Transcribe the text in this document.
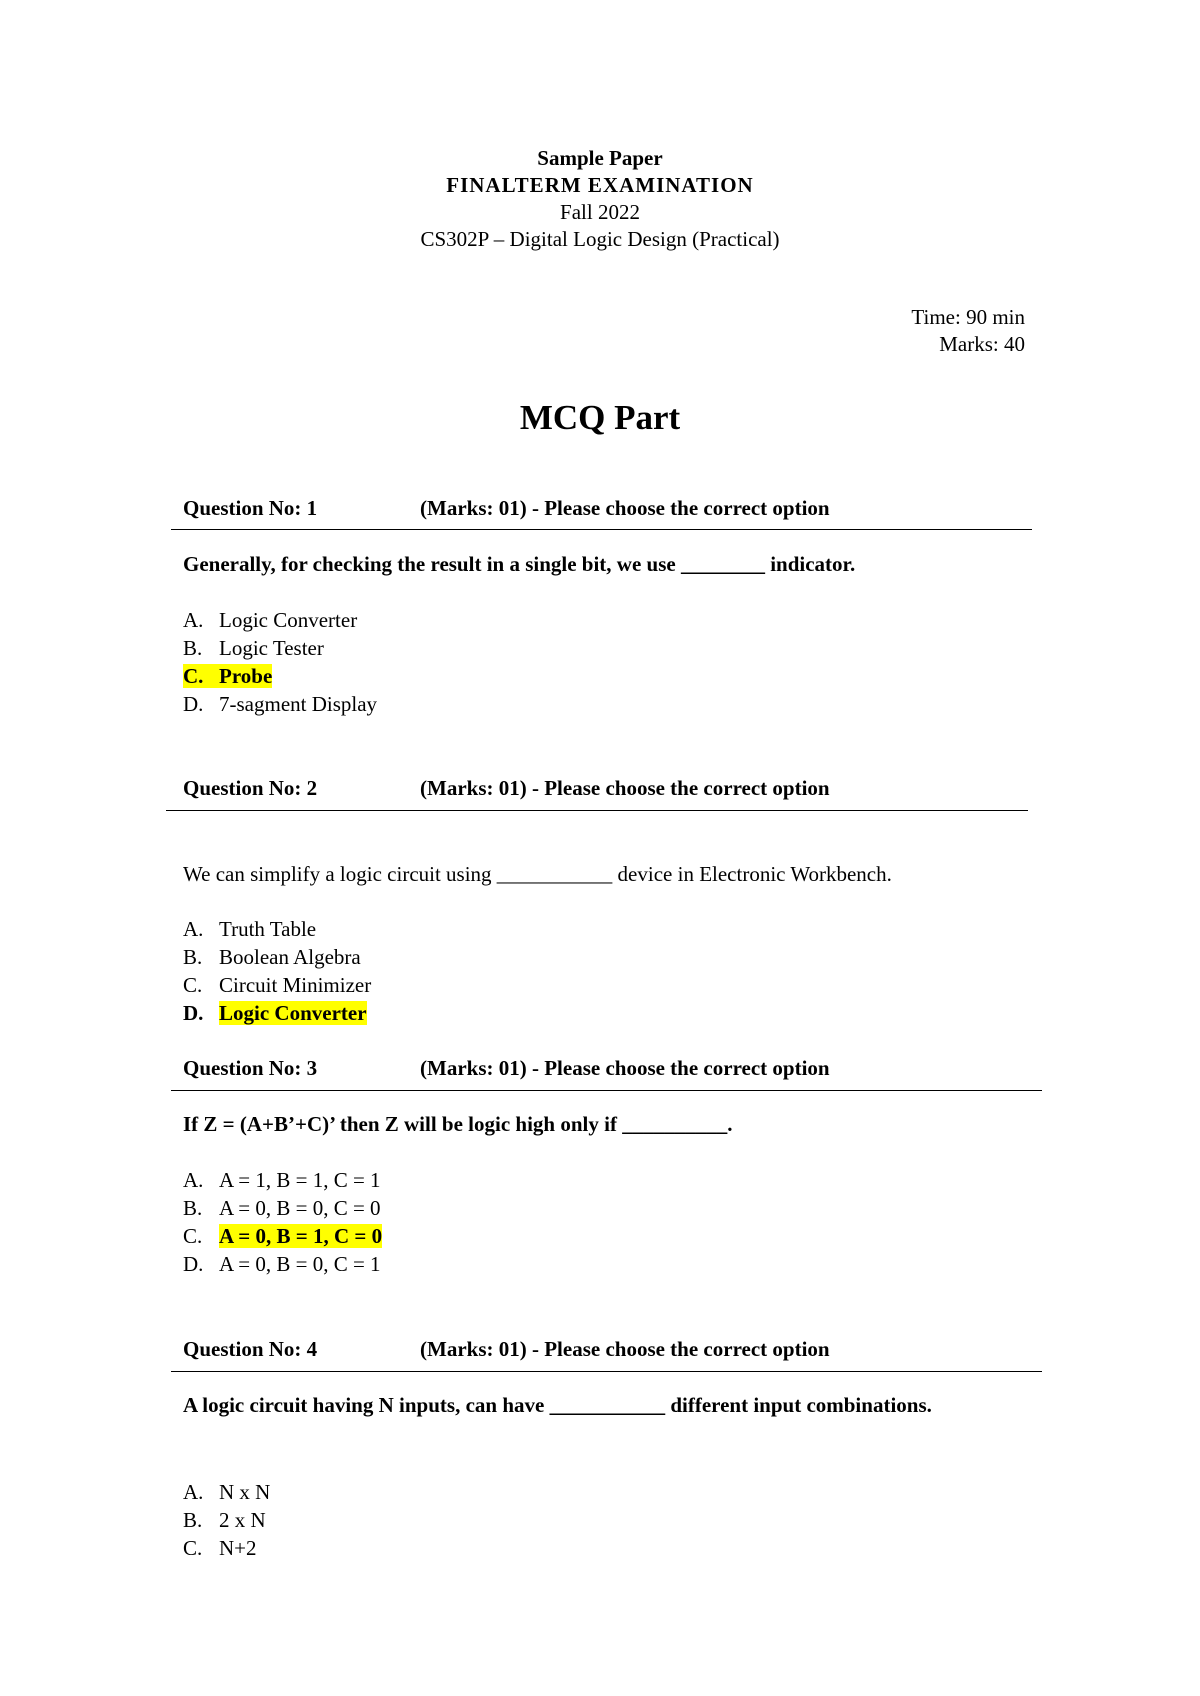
Sample Paper
FINALTERM EXAMINATION
Fall 2022
CS302P – Digital Logic Design (Practical)
Time: 90 min
Marks: 40
MCQ Part
Question No: 1	(Marks: 01) - Please choose the correct option
Generally, for checking the result in a single bit, we use ________ indicator.
A. Logic Converter
B. Logic Tester
C. Probe
D. 7-sagment Display
Question No: 2	(Marks: 01) - Please choose the correct option
We can simplify a logic circuit using ___________ device in Electronic Workbench.
A. Truth Table
B. Boolean Algebra
C. Circuit Minimizer
D. Logic Converter
Question No: 3	(Marks: 01) - Please choose the correct option
If Z = (A+B’+C)’ then Z will be logic high only if __________.
A. A = 1, B = 1, C = 1
B. A = 0, B = 0, C = 0
C. A = 0, B = 1, C = 0
D. A = 0, B = 0, C = 1
Question No: 4	(Marks: 01) - Please choose the correct option
A logic circuit having N inputs, can have ___________ different input combinations.
A. N x N
B. 2 x N
C. N+2
